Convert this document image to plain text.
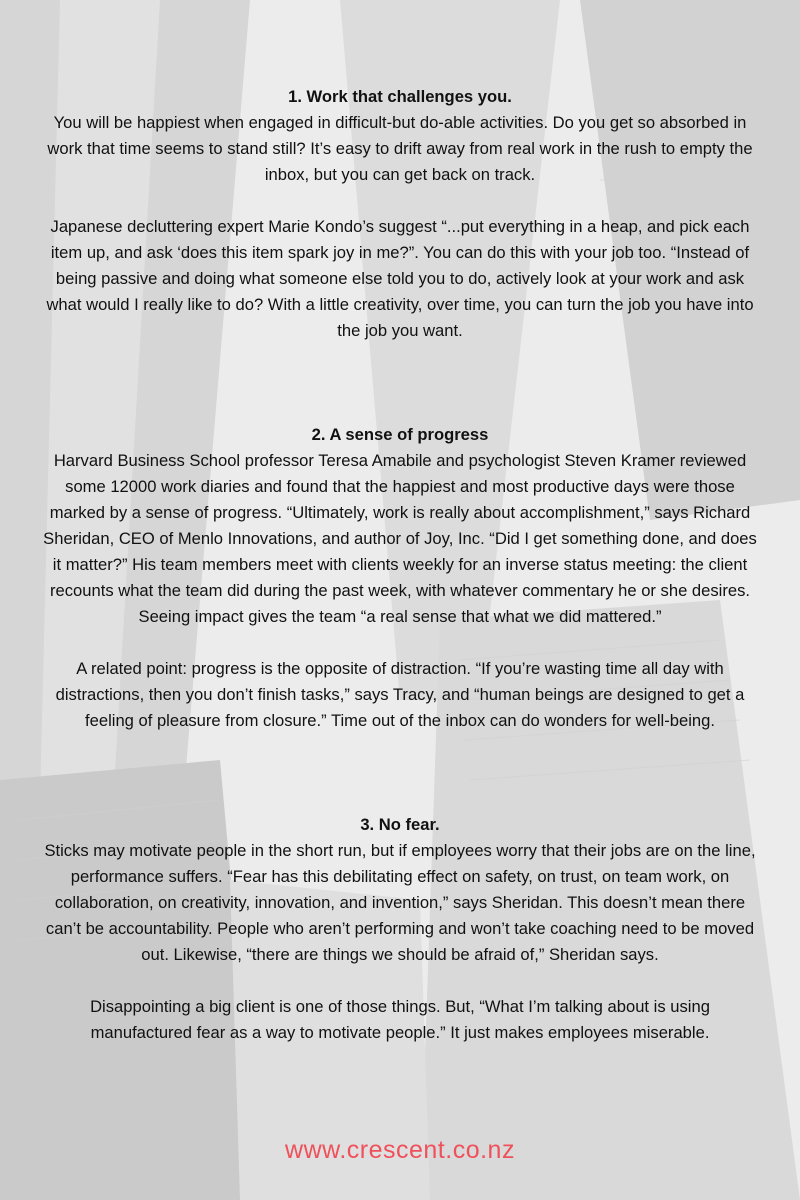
1. Work that challenges you.

You will be happiest when engaged in difficult-but do-able activities. Do you get so absorbed in work that time seems to stand still? It’s easy to drift away from real work in the rush to empty the inbox, but you can get back on track.

Japanese decluttering expert Marie Kondo’s suggest “...put everything in a heap, and pick each item up, and ask ‘does this item spark joy in me?”. You can do this with your job too. “Instead of being passive and doing what someone else told you to do, actively look at your work and ask what would I really like to do? With a little creativity, over time, you can turn the job you have into the job you want.

2. A sense of progress

Harvard Business School professor Teresa Amabile and psychologist Steven Kramer reviewed some 12000 work diaries and found that the happiest and most productive days were those marked by a sense of progress. “Ultimately, work is really about accomplishment,” says Richard Sheridan, CEO of Menlo Innovations, and author of Joy, Inc. “Did I get something done, and does it matter?” His team members meet with clients weekly for an inverse status meeting: the client recounts what the team did during the past week, with whatever commentary he or she desires. Seeing impact gives the team “a real sense that what we did mattered.”

A related point: progress is the opposite of distraction. “If you’re wasting time all day with distractions, then you don’t finish tasks,” says Tracy, and “human beings are designed to get a feeling of pleasure from closure.” Time out of the inbox can do wonders for well-being.

3. No fear.

Sticks may motivate people in the short run, but if employees worry that their jobs are on the line, performance suffers. “Fear has this debilitating effect on safety, on trust, on team work, on collaboration, on creativity, innovation, and invention,” says Sheridan. This doesn’t mean there can’t be accountability. People who aren’t performing and won’t take coaching need to be moved out. Likewise, “there are things we should be afraid of,” Sheridan says.

Disappointing a big client is one of those things. But, “What I’m talking about is using manufactured fear as a way to motivate people.” It just makes employees miserable.

www.crescent.co.nz
